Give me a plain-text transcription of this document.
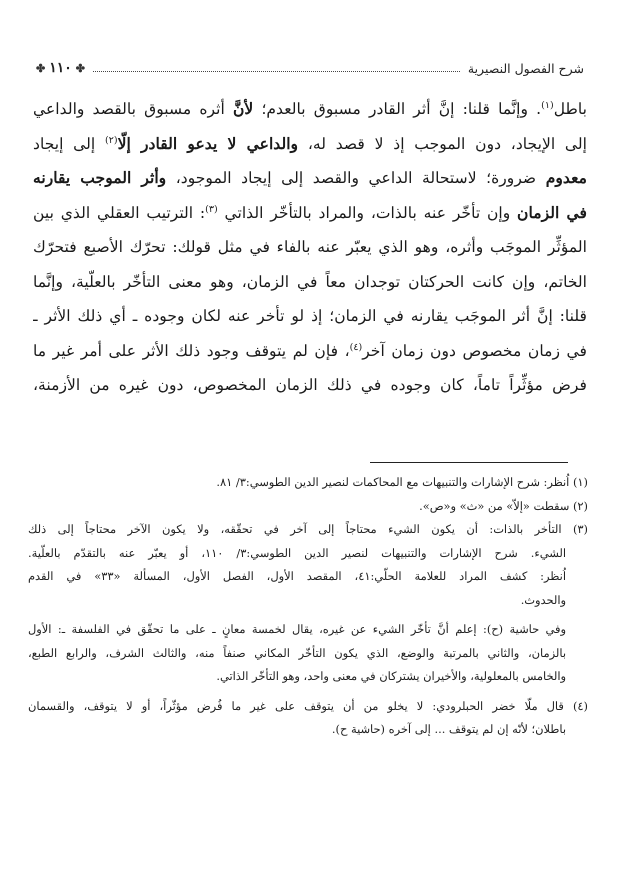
شرح الفصول النصيرية
✤
١١٠
✤
باطل$^{(١)}$. وإنَّما قلنا: إنَّ أثر القادر مسبوق بالعدم؛ لأنَّ أثره مسبوق بالقصد والداعي
إلى الإيجاد، دون الموجب إذ لا قصد له، والداعي لا يدعو القادر إلّا$^{(٢)}$ إلى إيجاد
معدوم ضرورة؛ لاستحالة الداعي والقصد إلى إيجاد الموجود، وأثر الموجب يقارنه
في الزمان وإن تأخّر عنه بالذات، والمراد بالتأخّر الذاتي $^{(٣)}$: الترتيب العقلي الذي بين
المؤثِّر الموجَب وأثره، وهو الذي يعبّر عنه بالفاء في مثل قولك: تحرّك الأصبع فتحرّك
الخاتم، وإن كانت الحركتان توجدان معاً في الزمان، وهو معنى التأخّر بالعلّية، وإنَّما
قلنا: إنَّ أثر الموجَب يقارنه في الزمان؛ إذ لو تأخر عنه لكان وجوده ـ أي ذلك الأثر ـ
في زمان مخصوص دون زمان آخر$^{(٤)}$، فإن لم يتوقف وجود ذلك الأثر على أمر غير ما
فرض مؤثِّراً تاماً، كان وجوده في ذلك الزمان المخصوص، دون غيره من الأزمنة،
(١) اُنظر: شرح الإشارات والتنبيهات مع المحاكمات لنصير الدين الطوسي:٣/ ٨١.
(٢) سقطت «إلاّ» من «ث» و«ص».
(٣) التأخر بالذات: أن يكون الشيء محتاجاً إلى آخر في تحقّقه، ولا يكون الآخر محتاجاً إلى ذلك
الشيء. شرح الإشارات والتنبيهات لنصير الدين الطوسي:٣/ ١١٠، أو يعبّر عنه بالتقدّم بالعلّية.
اُنظر: كشف المراد للعلامة الحلّي:٤١، المقصد الأول، الفصل الأول، المسألة «٣٣» في القدم
والحدوث.
وفي حاشية (ح): إعلم أنَّ تأخّر الشيء عن غيره، يقال لخمسة معانٍ ـ على ما تحقّق في الفلسفة ـ: الأول
بالزمان، والثاني بالمرتبة والوضع، الذي يكون التأخّر المكاني صنفاً منه، والثالث الشرف، والرابع الطبع،
والخامس بالمعلولية، والأخيران يشتركان في معنى واحد، وهو التأخّر الذاتي.
(٤) قال ملّا خضر الحبلرودي: لا يخلو من أن يتوقف على غير ما فُرض مؤثّراً، أو لا يتوقف، والقسمان
باطلان؛ لأنّه إن لم يتوقف ... إلى آخره (حاشية ح).
